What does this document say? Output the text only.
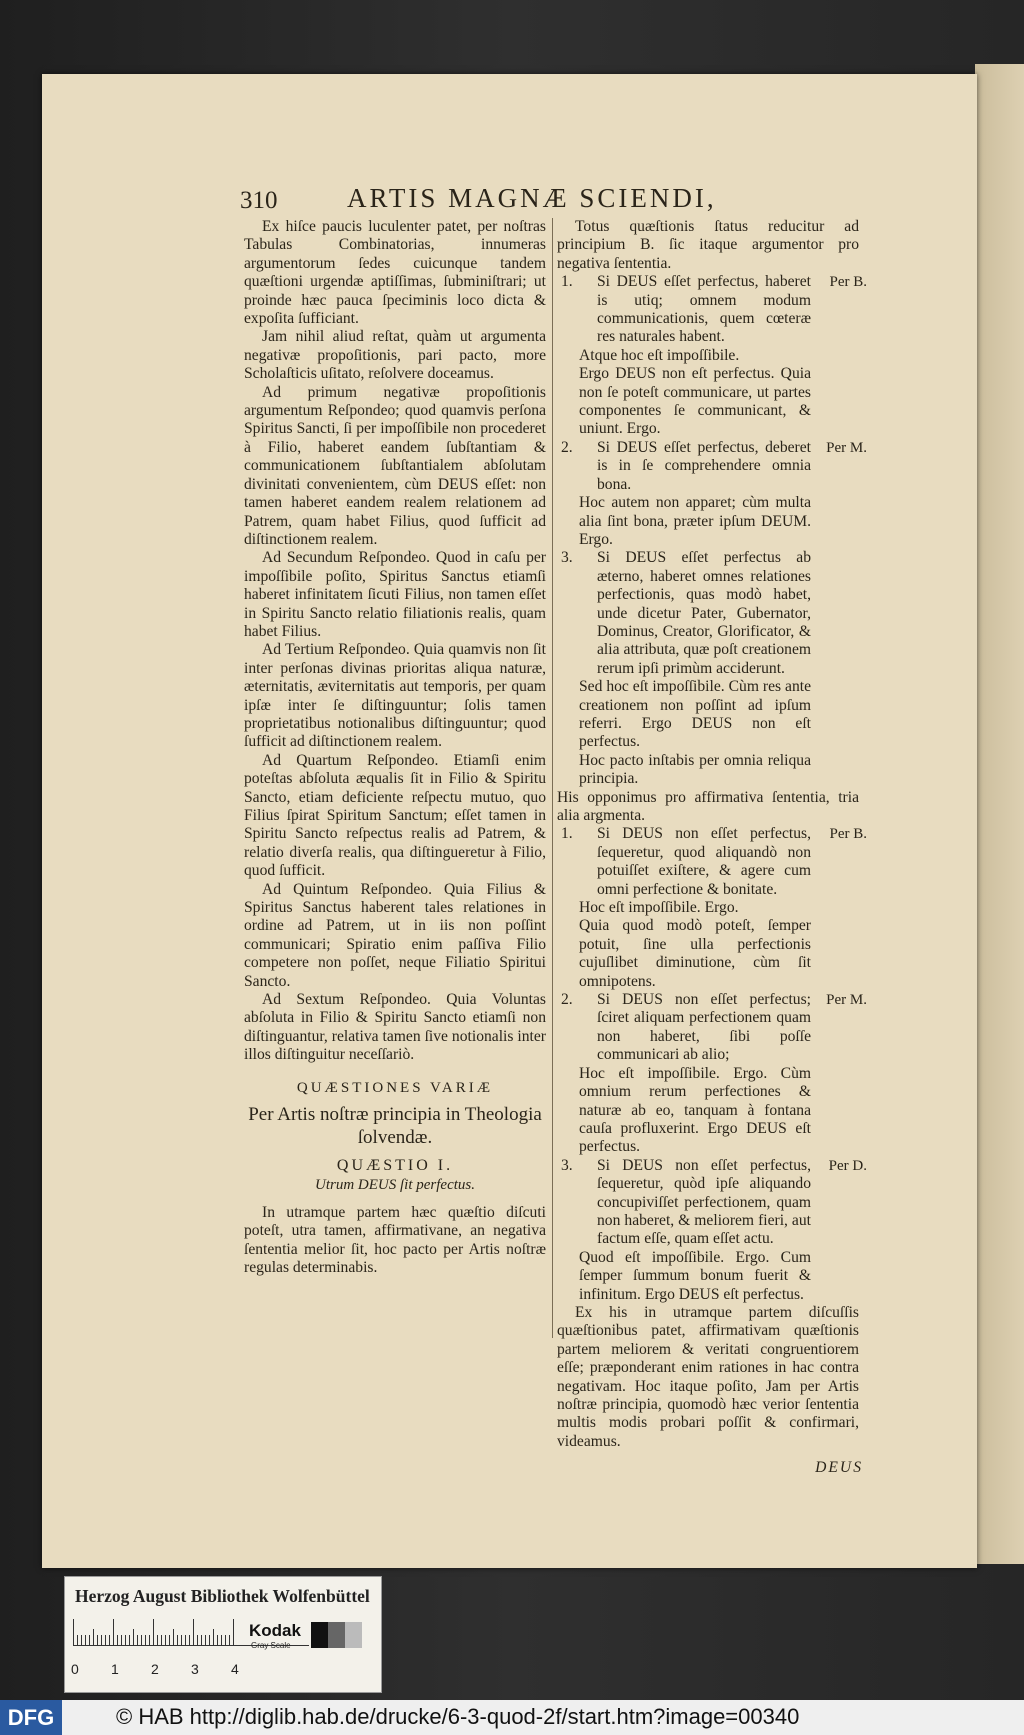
310	ARTIS MAGNÆ SCIENDI,

Ex hiſce paucis luculenter patet, per noſtras Tabulas Combinatorias, innumeras argumentorum ſedes cuicunque tandem quæſtioni urgendæ aptiſſimas, ſubminiſtrari; ut proinde hæc pauca ſpeciminis loco dicta & expoſita ſufficiant.

Jam nihil aliud reſtat, quàm ut argumenta negativæ propoſitionis, pari pacto, more Scholaſticis uſitato, reſolvere doceamus.

Ad primum negativæ propoſitionis argumentum Reſpondeo; quod quamvis perſona Spiritus Sancti, ſi per impoſſibile non procederet à Filio, haberet eandem ſubſtantiam & communicationem ſubſtantialem abſolutam divinitati convenientem, cùm DEUS eſſet: non tamen haberet eandem realem relationem ad Patrem, quam habet Filius, quod ſufficit ad diſtinctionem realem.

Ad Secundum Reſpondeo. Quod in caſu per impoſſibile poſito, Spiritus Sanctus etiamſi haberet infinitatem ſicuti Filius, non tamen eſſet in Spiritu Sancto relatio filiationis realis, quam habet Filius.

Ad Tertium Reſpondeo. Quia quamvis non ſit inter perſonas divinas prioritas aliqua naturæ, æternitatis, æviternitatis aut temporis, per quam ipſæ inter ſe diſtinguuntur; ſolis tamen proprietatibus notionalibus diſtinguuntur; quod ſufficit ad diſtinctionem realem.

Ad Quartum Reſpondeo. Etiamſi enim poteſtas abſoluta æqualis ſit in Filio & Spiritu Sancto, etiam deficiente reſpectu mutuo, quo Filius ſpirat Spiritum Sanctum; eſſet tamen in Spiritu Sancto reſpectus realis ad Patrem, & relatio diverſa realis, qua diſtingueretur à Filio, quod ſufficit.

Ad Quintum Reſpondeo. Quia Filius & Spiritus Sanctus haberent tales relationes in ordine ad Patrem, ut in iis non poſſint communicari; Spiratio enim paſſiva Filio competere non poſſet, neque Filiatio Spiritui Sancto.

Ad Sextum Reſpondeo. Quia Voluntas abſoluta in Filio & Spiritu Sancto etiamſi non diſtinguantur, relativa tamen ſive notionalis inter illos diſtinguitur neceſſariò.

QUÆSTIONES VARIÆ
Per Artis noſtræ principia in Theologia ſolvendæ.
QUÆSTIO I.
Utrum DEUS ſit perfectus.

In utramque partem hæc quæſtio diſcuti poteſt, utra tamen, affirmativane, an negativa ſententia melior ſit, hoc pacto per Artis noſtræ regulas determinabis.

Totus quæſtionis ſtatus reducitur ad principium B. ſic itaque argumentor pro negativa ſententia.

1.	Per B.

Si DEUS eſſet perfectus, haberet is utiq; omnem modum communicationis, quem cœteræ res naturales habent.

Atque hoc eſt impoſſibile.

Ergo DEUS non eſt perfectus. Quia non ſe poteſt communicare, ut partes componentes ſe communicant, & uniunt. Ergo.

2.	Per M.

Si DEUS eſſet perfectus, deberet is in ſe comprehendere omnia bona.

Hoc autem non apparet; cùm multa alia ſint bona, præter ipſum DEUM. Ergo.

3. Si DEUS eſſet perfectus ab æterno, haberet omnes relationes perfectionis, quas modò habet, unde dicetur Pater, Gubernator, Dominus, Creator, Glorificator, & alia attributa, quæ poſt creationem rerum ipſi primùm acciderunt.

Sed hoc eſt impoſſibile. Cùm res ante creationem non poſſint ad ipſum referri. Ergo DEUS non eſt perfectus.

Hoc pacto inſtabis per omnia reliqua principia.

His opponimus pro affirmativa ſententia, tria alia argmenta.

1.	Per B.

Si DEUS non eſſet perfectus, ſequeretur, quod aliquandò non potuiſſet exiſtere, & agere cum omni perfectione & bonitate.

Hoc eſt impoſſibile. Ergo.

Quia quod modò poteſt, ſemper potuit, ſine ulla perfectionis cujuſlibet diminutione, cùm ſit omnipotens.

2.	Per M.

Si DEUS non eſſet perfectus; ſciret aliquam perfectionem quam non haberet, ſibi poſſe communicari ab alio;

Hoc eſt impoſſibile. Ergo. Cùm omnium rerum perfectiones & naturæ ab eo, tanquam à fontana cauſa profluxerint. Ergo DEUS eſt perfectus.

3.	Per D.

Si DEUS non eſſet perfectus, ſequeretur, quòd ipſe aliquando concupiviſſet perfectionem, quam non haberet, & meliorem fieri, aut factum eſſe, quam eſſet actu.

Quod eſt impoſſibile. Ergo. Cum ſemper ſummum bonum fuerit & infinitum. Ergo DEUS eſt perfectus.

Ex his in utramque partem diſcuſſis quæſtionibus patet, affirmativam quæſtionis partem meliorem & veritati congruentiorem eſſe; præponderant enim rationes in hac contra negativam. Hoc itaque poſito, Jam per Artis noſtræ principia, quomodò hæc verior ſententia multis modis probari poſſit & confirmari, videamus.

DEUS
Herzog August Bibliothek Wolfenbüttel
0 1 2 3 4
Kodak
Gray Scale
DFG	© HAB http://diglib.hab.de/drucke/6-3-quod-2f/start.htm?image=00340
